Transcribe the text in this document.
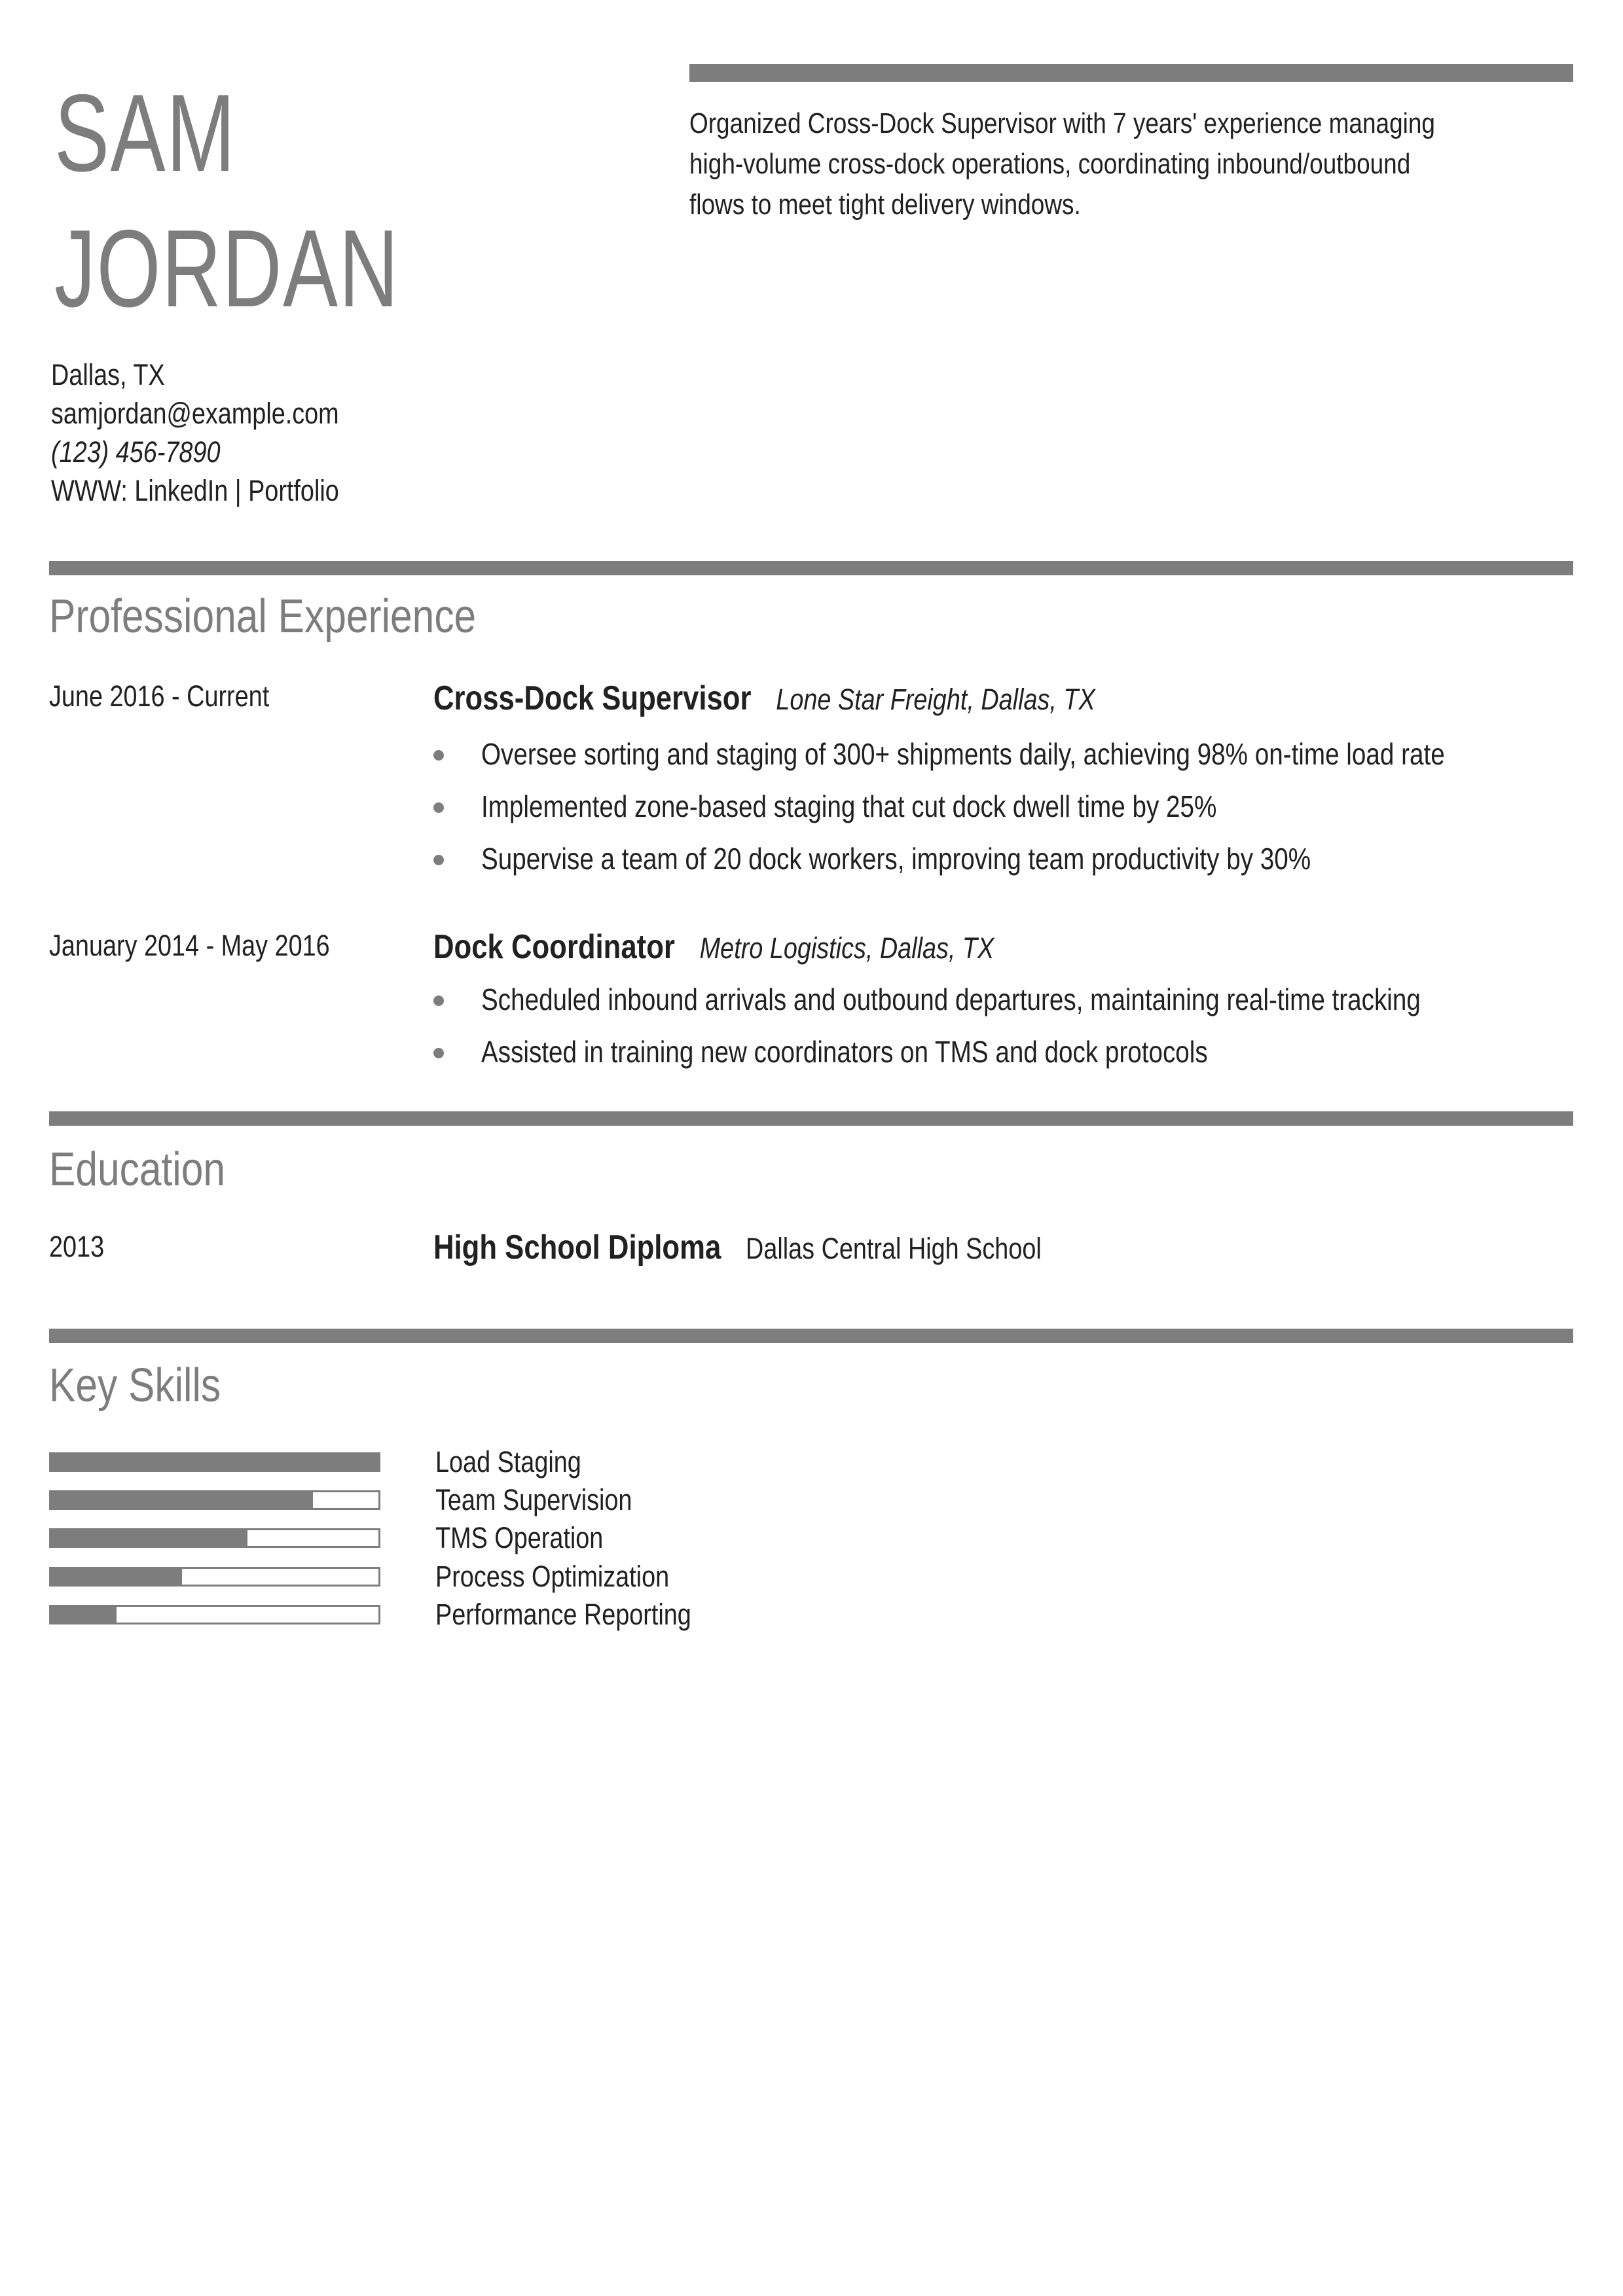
SAM
JORDAN
Organized Cross-Dock Supervisor with 7 years' experience managing
high-volume cross-dock operations, coordinating inbound/outbound
flows to meet tight delivery windows.
Dallas, TX
samjordan@example.com
(123) 456-7890
WWW: LinkedIn | Portfolio
Professional Experience
June 2016 - Current	Cross-Dock Supervisor Lone Star Freight, Dallas, TX
Oversee sorting and staging of 300+ shipments daily, achieving 98% on-time load rate
Implemented zone-based staging that cut dock dwell time by 25%
Supervise a team of 20 dock workers, improving team productivity by 30%
January 2014 - May 2016	Dock Coordinator Metro Logistics, Dallas, TX
Scheduled inbound arrivals and outbound departures, maintaining real-time tracking
Assisted in training new coordinators on TMS and dock protocols
Education
2013	High School Diploma Dallas Central High School
Key Skills
Load Staging
Team Supervision
TMS Operation
Process Optimization
Performance Reporting
